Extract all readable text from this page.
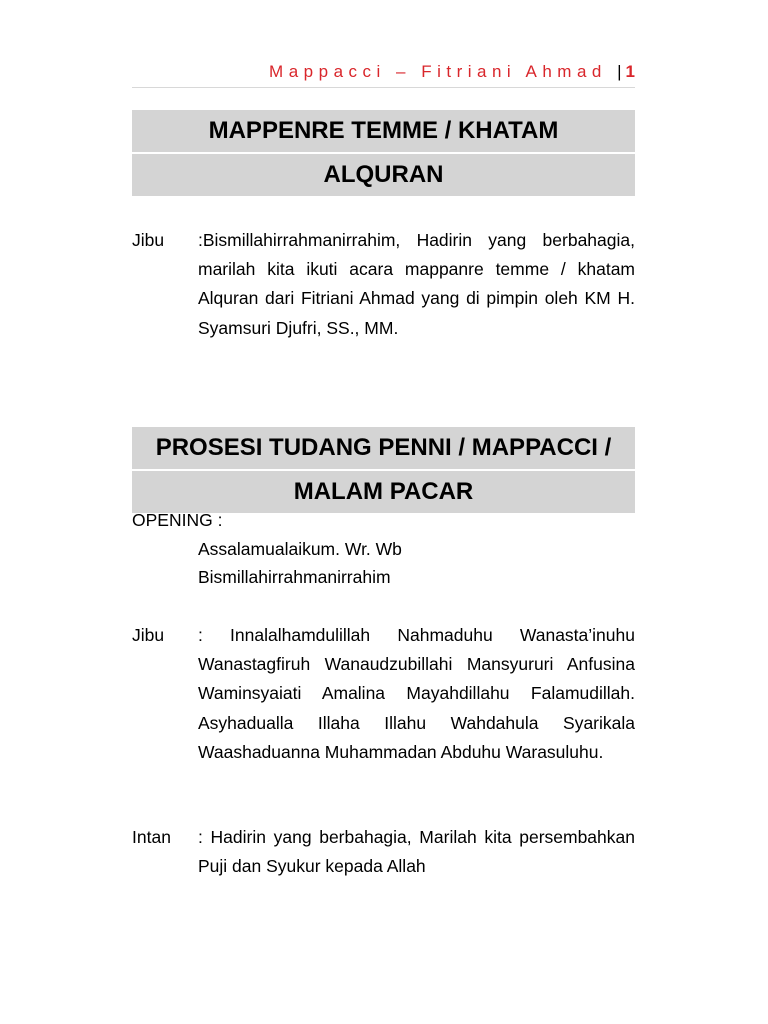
Mappacci – Fitriani Ahmad | 1
MAPPENRE TEMME / KHATAM
ALQURAN
Jibu :Bismillahirrahmanirrahim, Hadirin yang berbahagia, marilah kita ikuti acara mappanre temme / khatam Alquran dari Fitriani Ahmad yang di pimpin oleh KM H. Syamsuri Djufri, SS., MM.
PROSESI TUDANG PENNI / MAPPACCI /
MALAM PACAR
OPENING :
Assalamualaikum. Wr. Wb
Bismillahirrahmanirrahim
Jibu : Innalalhamdulillah Nahmaduhu Wanasta’inuhu Wanastagfiruh Wanaudzubillahi Mansyururi Anfusina Waminsyaiati Amalina Mayahdillahu Falamudillah. Asyhadualla Illaha Illahu Wahdahula Syarikala Waashaduanna Muhammadan Abduhu Warasuluhu.
Intan : Hadirin yang berbahagia, Marilah kita persembahkan Puji dan Syukur kepada Allah
